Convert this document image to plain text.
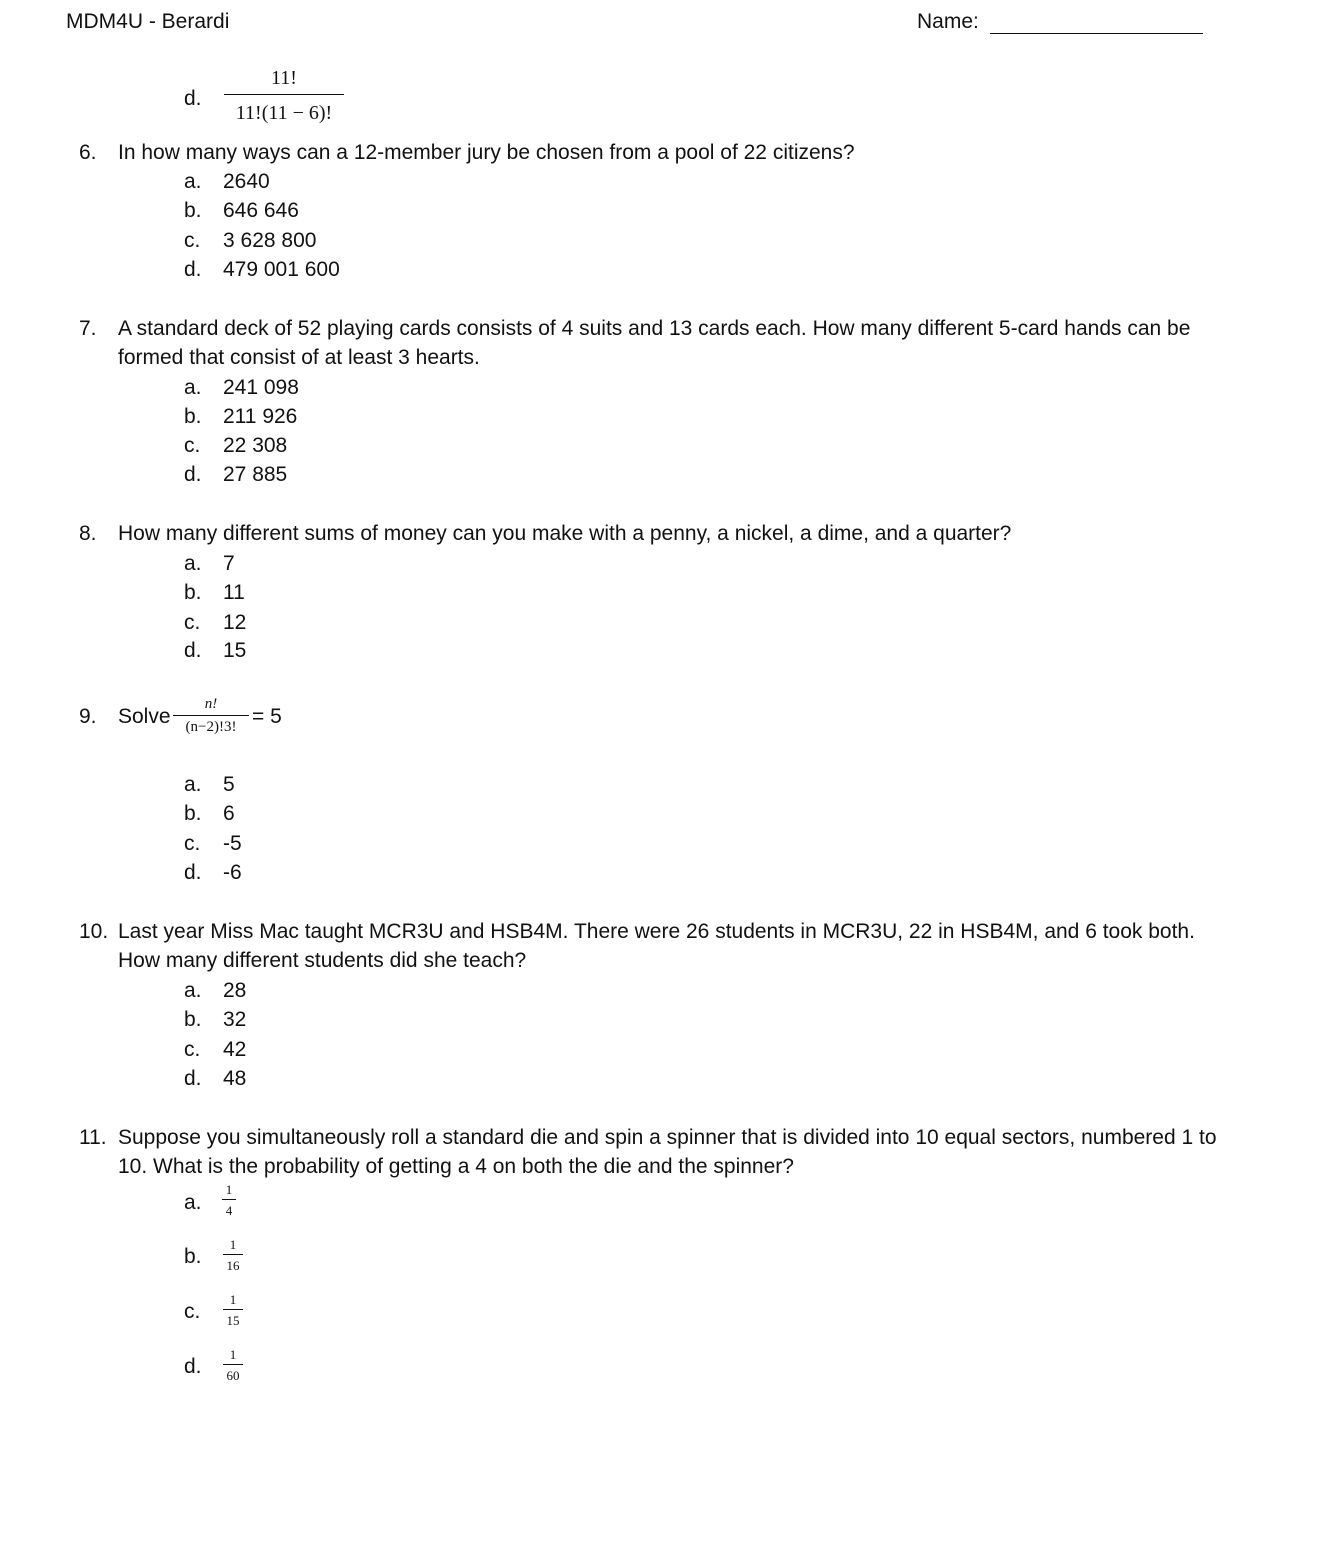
MDM4U - Berardi	Name:
d.
11!
11!(11 − 6)!
6. In how many ways can a 12-member jury be chosen from a pool of 22 citizens?
a. 2640
b. 646 646
c. 3 628 800
d. 479 001 600
7. A standard deck of 52 playing cards consists of 4 suits and 13 cards each. How many different 5-card hands can be formed that consist of at least 3 hearts.
a. 241 098
b. 211 926
c. 22 308
d. 27 885
8. How many different sums of money can you make with a penny, a nickel, a dime, and a quarter?
a. 7
b. 11
c. 12
d. 15
9. Solve
n!
(n−2)!3! = 5
a. 5
b. 6
c. -5
d. -6
10. Last year Miss Mac taught MCR3U and HSB4M. There were 26 students in MCR3U, 22 in HSB4M, and 6 took both. How many different students did she teach?
a. 28
b. 32
c. 42
d. 48
11. Suppose you simultaneously roll a standard die and spin a spinner that is divided into 10 equal sectors, numbered 1 to 10. What is the probability of getting a 4 on both the die and the spinner?
a.
1
4
b.
1
16
c.
1
15
d.
1
60
